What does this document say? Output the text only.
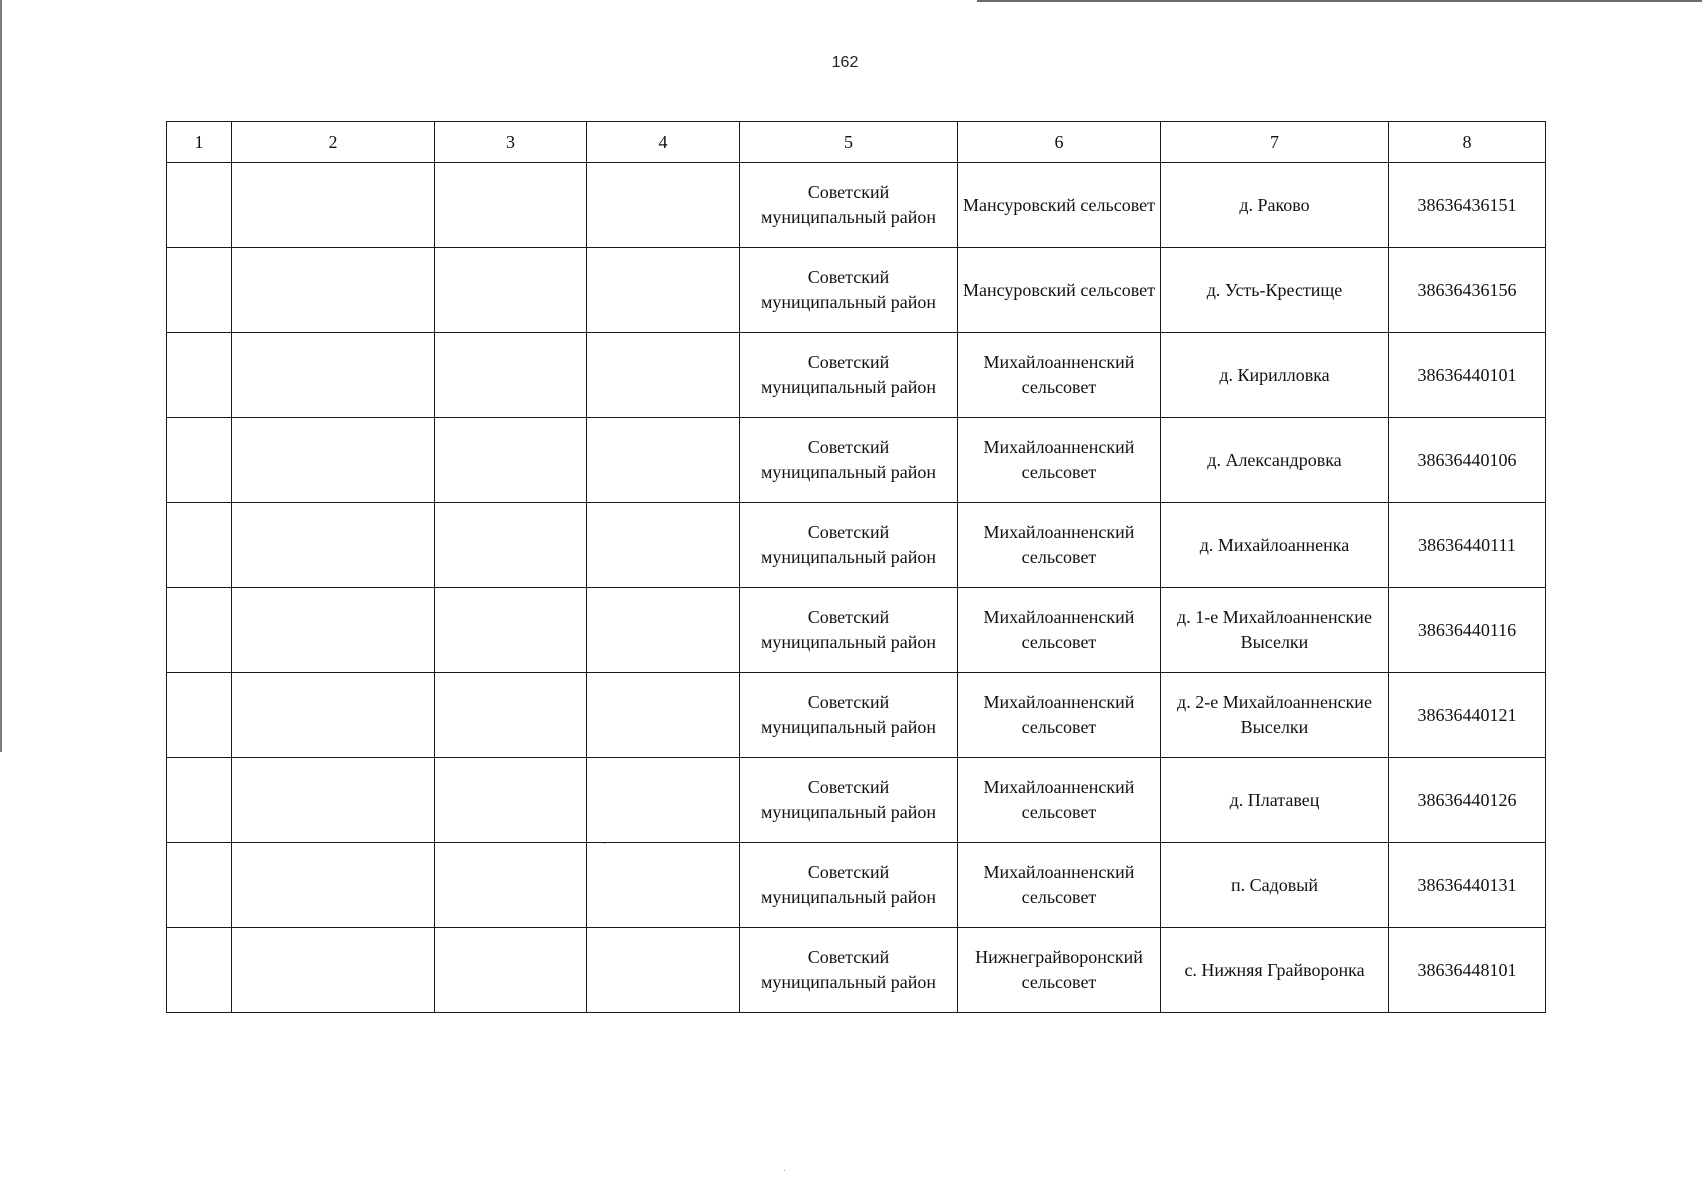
162
1	2	3	4	5	6	7	8
				Советский муниципальный район	Мансуровский сельсовет	д. Раково	38636436151
				Советский муниципальный район	Мансуровский сельсовет	д. Усть-Крестище	38636436156
				Советский муниципальный район	Михайлоанненский сельсовет	д. Кирилловка	38636440101
				Советский муниципальный район	Михайлоанненский сельсовет	д. Александровка	38636440106
				Советский муниципальный район	Михайлоанненский сельсовет	д. Михайлоанненка	38636440111
				Советский муниципальный район	Михайлоанненский сельсовет	д. 1-е Михайлоанненские Выселки	38636440116
				Советский муниципальный район	Михайлоанненский сельсовет	д. 2-е Михайлоанненские Выселки	38636440121
				Советский муниципальный район	Михайлоанненский сельсовет	д. Платавец	38636440126
				Советский муниципальный район	Михайлоанненский сельсовет	п. Садовый	38636440131
				Советский муниципальный район	Нижнеграйворонский сельсовет	с. Нижняя Грайворонка	38636448101
